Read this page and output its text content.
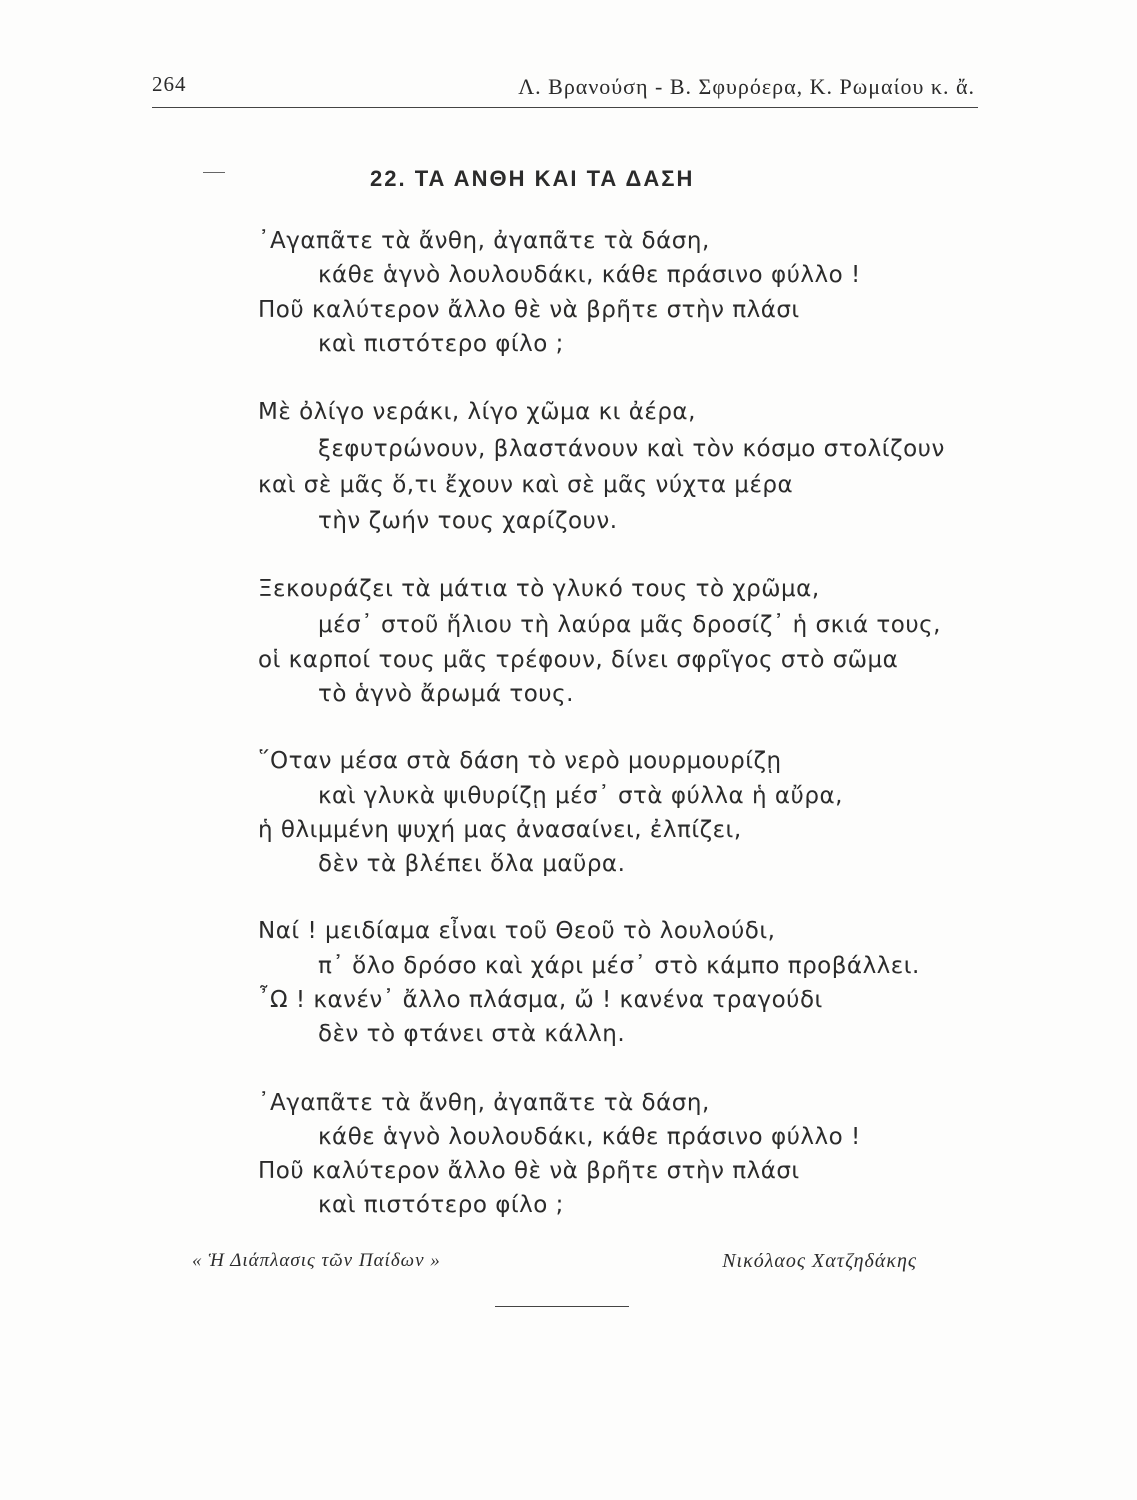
264	Λ. Βρανούση - Β. Σφυρόερα, Κ. Ρωμαίου κ. ἄ.
22. ΤΑ ΑΝΘΗ ΚΑΙ ΤΑ ΔΑΣΗ
᾿Αγαπᾶτε τὰ ἄνθη, ἀγαπᾶτε τὰ δάση,
κάθε ἁγνὸ λουλουδάκι, κάθε πράσινο φύλλο !
Ποῦ καλύτερον ἄλλο θὲ νὰ βρῆτε στὴν πλάσι
καὶ πιστότερο φίλο ;
Μὲ ὀλίγο νεράκι, λίγο χῶμα κι ἀέρα,
ξεφυτρώνουν, βλαστάνουν καὶ τὸν κόσμο στολίζουν
καὶ σὲ μᾶς ὅ,τι ἔχουν καὶ σὲ μᾶς νύχτα μέρα
τὴν ζωήν τους χαρίζουν.
Ξεκουράζει τὰ μάτια τὸ γλυκό τους τὸ χρῶμα,
μέσ᾿ στοῦ ἥλιου τὴ λαύρα μᾶς δροσίζ᾿ ἡ σκιά τους,
οἱ καρποί τους μᾶς τρέφουν, δίνει σφρῖγος στὸ σῶμα
τὸ ἁγνὸ ἄρωμά τους.
῞Οταν μέσα στὰ δάση τὸ νερὸ μουρμουρίζῃ
καὶ γλυκὰ ψιθυρίζῃ μέσ᾿ στὰ φύλλα ἡ αὔρα,
ἡ θλιμμένη ψυχή μας ἀνασαίνει, ἐλπίζει,
δὲν τὰ βλέπει ὅλα μαῦρα.
Ναί ! μειδίαμα εἶναι τοῦ Θεοῦ τὸ λουλούδι,
π᾿ ὅλο δρόσο καὶ χάρι μέσ᾿ στὸ κάμπο προβάλλει.
῏Ω ! κανέν᾿ ἄλλο πλάσμα, ὤ ! κανένα τραγούδι
δὲν τὸ φτάνει στὰ κάλλη.
᾿Αγαπᾶτε τὰ ἄνθη, ἀγαπᾶτε τὰ δάση,
κάθε ἁγνὸ λουλουδάκι, κάθε πράσινο φύλλο !
Ποῦ καλύτερον ἄλλο θὲ νὰ βρῆτε στὴν πλάσι
καὶ πιστότερο φίλο ;
« Ἡ Διάπλασις τῶν Παίδων »	Νικόλαος Χατζηδάκης
